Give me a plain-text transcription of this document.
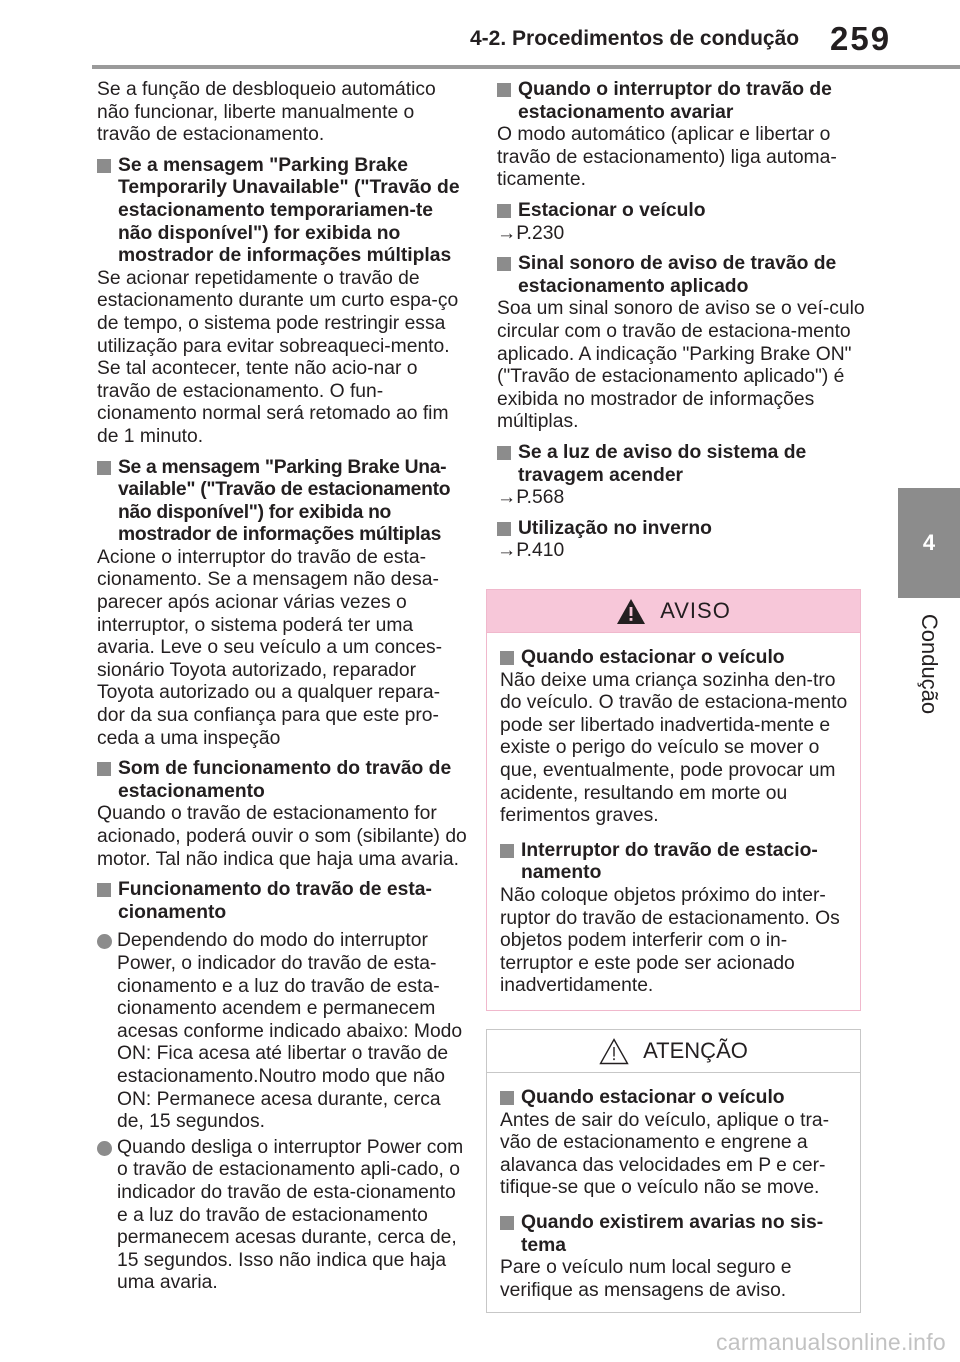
4-2. Procedimentos de condução 259
4
Condução

Se a função de desbloqueio automático não funcionar, liberte manualmente o travão de estacionamento.

Se a mensagem "Parking Brake Temporarily Unavailable" ("Travão de estacionamento temporariamen-te não disponível") for exibida no mostrador de informações múltiplas

Se acionar repetidamente o travão de estacionamento durante um curto espa-ço de tempo, o sistema pode restringir essa utilização para evitar sobreaqueci-mento. Se tal acontecer, tente não acio-nar o travão de estacionamento. O fun-cionamento normal será retomado ao fim de 1 minuto.

Se a mensagem "Parking Brake Una-vailable" ("Travão de estacionamento não disponível") for exibida no mostrador de informações múltiplas

Acione o interruptor do travão de esta-cionamento. Se a mensagem não desa-parecer após acionar várias vezes o interruptor, o sistema poderá ter uma avaria. Leve o seu veículo a um conces-sionário Toyota autorizado, reparador Toyota autorizado ou a qualquer repara-dor da sua confiança para que este pro-ceda a uma inspeção

Som de funcionamento do travão de estacionamento

Quando o travão de estacionamento for acionado, poderá ouvir o som (sibilante) do motor. Tal não indica que haja uma avaria.

Funcionamento do travão de esta-cionamento

Dependendo do modo do interruptor Power, o indicador do travão de esta-cionamento e a luz do travão de esta-cionamento acendem e permanecem acesas conforme indicado abaixo: Modo ON: Fica acesa até libertar o travão de estacionamento.Noutro modo que não ON: Permanece acesa durante, cerca de, 15 segundos.

Quando desliga o interruptor Power com o travão de estacionamento apli-cado, o indicador do travão de esta-cionamento e a luz do travão de estacionamento permanecem acesas durante, cerca de, 15 segundos. Isso não indica que haja uma avaria.

Quando o interruptor do travão de estacionamento avariar

O modo automático (aplicar e libertar o travão de estacionamento) liga automa-ticamente.

Estacionar o veículo

→P.230

Sinal sonoro de aviso de travão de estacionamento aplicado

Soa um sinal sonoro de aviso se o veí-culo circular com o travão de estaciona-mento aplicado. A indicação "Parking Brake ON" ("Travão de estacionamento aplicado") é exibida no mostrador de informações múltiplas.

Se a luz de aviso do sistema de travagem acender

→P.568

Utilização no inverno

→P.410

AVISO

Quando estacionar o veículo

Não deixe uma criança sozinha den-tro do veículo. O travão de estaciona-mento pode ser libertado inadvertida-mente e existe o perigo do veículo se mover o que, eventualmente, pode provocar um acidente, resultando em morte ou ferimentos graves.

Interruptor do travão de estacio-namento

Não coloque objetos próximo do inter-ruptor do travão de estacionamento. Os objetos podem interferir com o in-terruptor e este pode ser acionado inadvertidamente.

ATENÇÃO

Quando estacionar o veículo

Antes de sair do veículo, aplique o tra-vão de estacionamento e engrene a alavanca das velocidades em P e cer-tifique-se que o veículo não se move.

Quando existirem avarias no sis-tema

Pare o veículo num local seguro e verifique as mensagens de aviso.

carmanualsonline.info
